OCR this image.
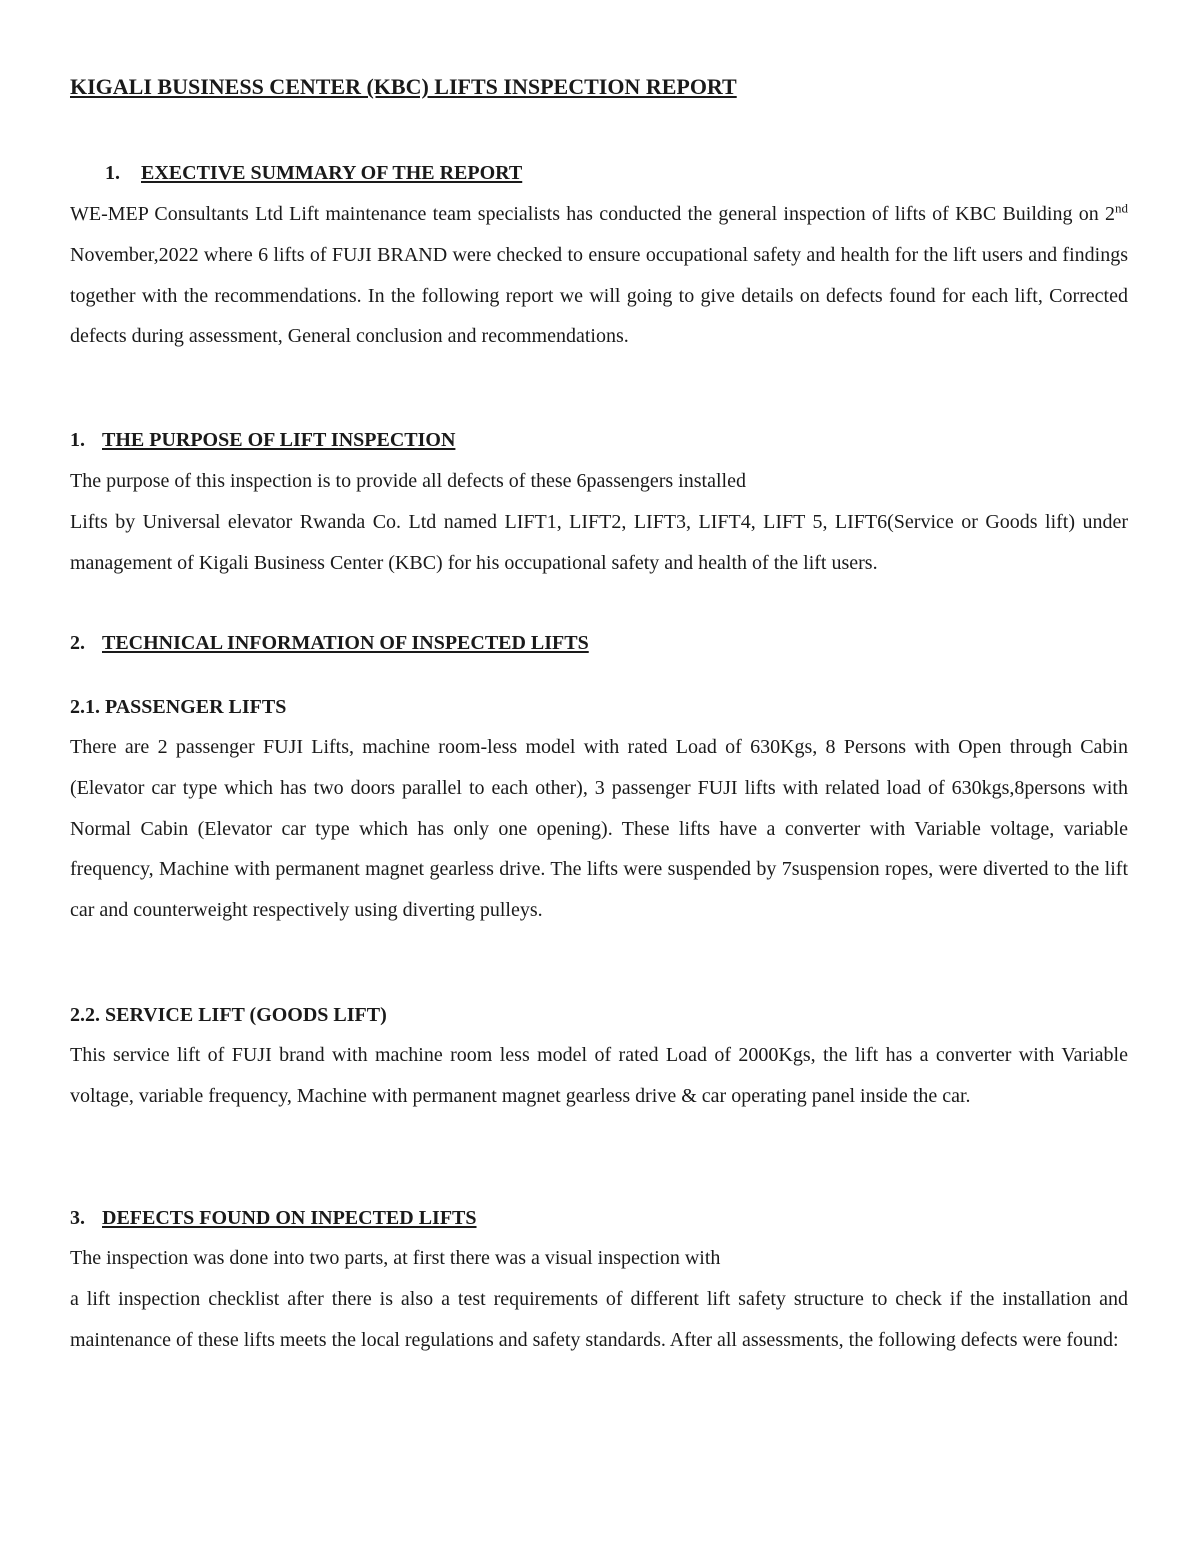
KIGALI BUSINESS CENTER (KBC) LIFTS INSPECTION REPORT
1. EXECTIVE SUMMARY OF THE REPORT

WE-MEP Consultants Ltd Lift maintenance team specialists has conducted the general inspection of lifts of KBC Building on 2nd November,2022 where 6 lifts of FUJI BRAND were checked to ensure occupational safety and health for the lift users and findings together with the recommendations. In the following report we will going to give details on defects found for each lift, Corrected defects during assessment, General conclusion and recommendations.

1. THE PURPOSE OF LIFT INSPECTION
The purpose of this inspection is to provide all defects of these 6passengers installed

Lifts by Universal elevator Rwanda Co. Ltd named LIFT1, LIFT2, LIFT3, LIFT4, LIFT 5, LIFT6(Service or Goods lift) under management of Kigali Business Center (KBC) for his occupational safety and health of the lift users.

2. TECHNICAL INFORMATION OF INSPECTED LIFTS
2.1. PASSENGER LIFTS

There are 2 passenger FUJI Lifts, machine room-less model with rated Load of 630Kgs, 8 Persons with Open through Cabin (Elevator car type which has two doors parallel to each other), 3 passenger FUJI lifts with related load of 630kgs,8persons with Normal Cabin (Elevator car type which has only one opening). These lifts have a converter with Variable voltage, variable frequency, Machine with permanent magnet gearless drive. The lifts were suspended by 7suspension ropes, were diverted to the lift car and counterweight respectively using diverting pulleys.

2.2. SERVICE LIFT (GOODS LIFT)

This service lift of FUJI brand with machine room less model of rated Load of 2000Kgs, the lift has a converter with Variable voltage, variable frequency, Machine with permanent magnet gearless drive & car operating panel inside the car.

3. DEFECTS FOUND ON INPECTED LIFTS
The inspection was done into two parts, at first there was a visual inspection with

a lift inspection checklist after there is also a test requirements of different lift safety structure to check if the installation and maintenance of these lifts meets the local regulations and safety standards. After all assessments, the following defects were found:
